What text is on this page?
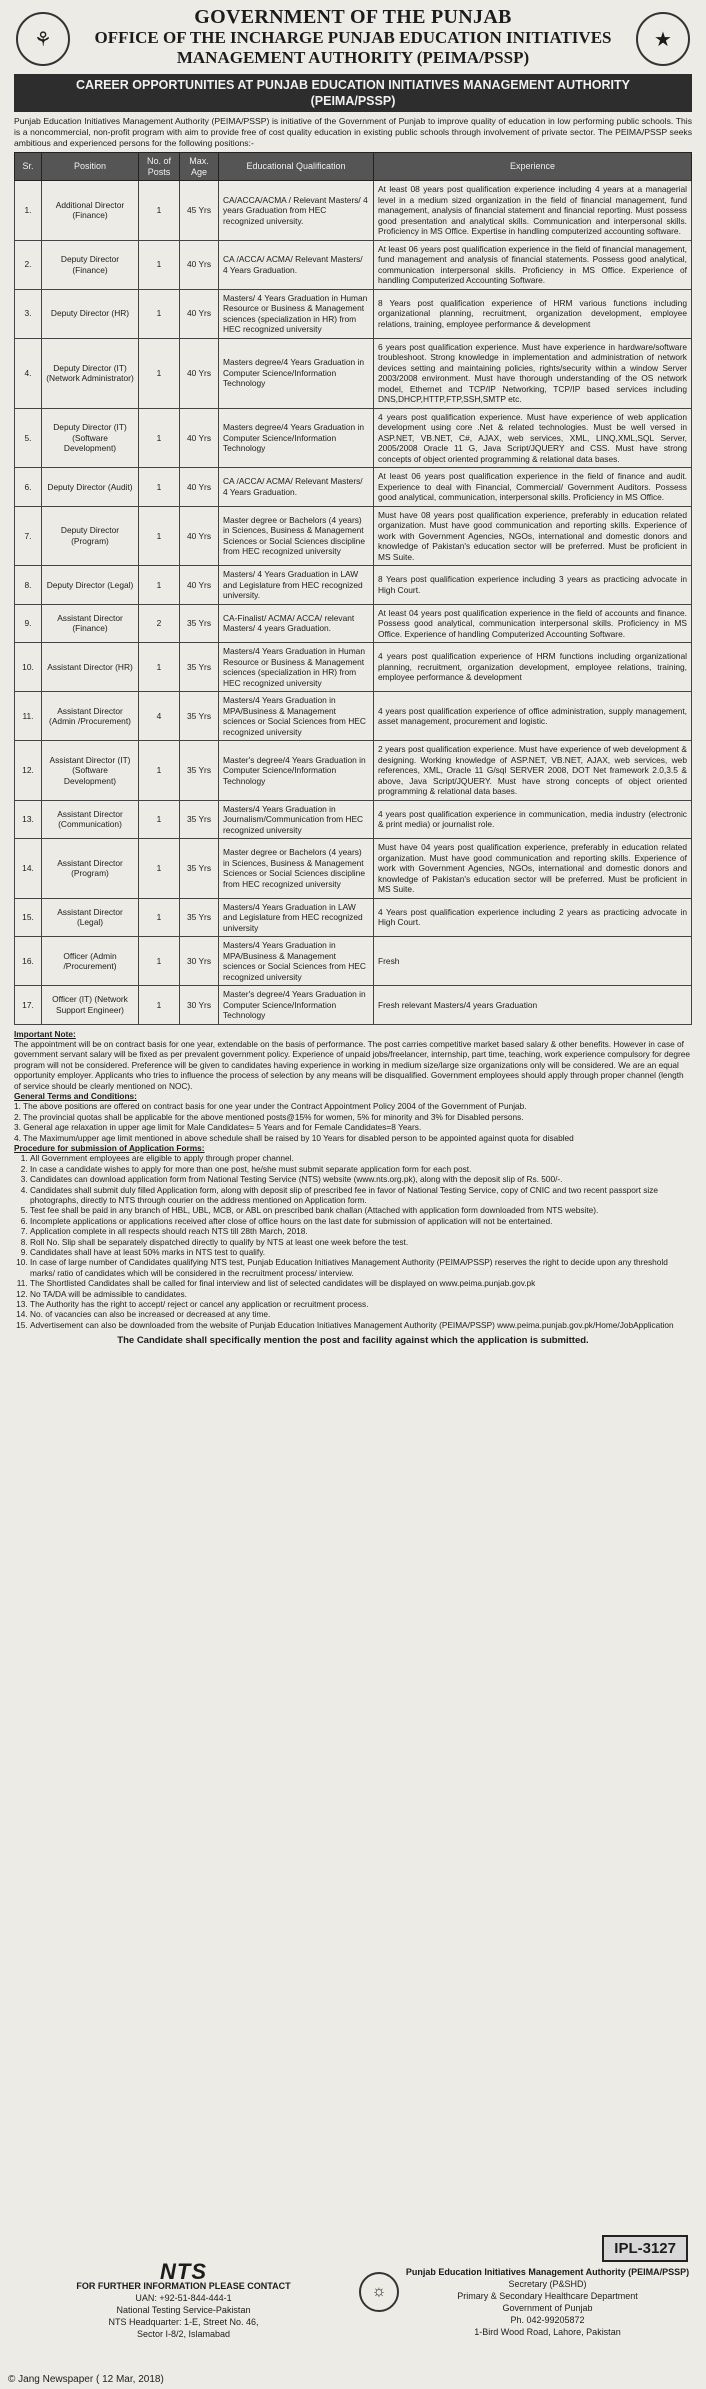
⚘	★
GOVERNMENT OF THE PUNJAB
OFFICE OF THE INCHARGE PUNJAB EDUCATION INITIATIVES
MANAGEMENT AUTHORITY (PEIMA/PSSP)
CAREER OPPORTUNITIES AT PUNJAB EDUCATION INITIATIVES MANAGEMENT AUTHORITY
(PEIMA/PSSP)
Punjab Education Initiatives Management Authority (PEIMA/PSSP) is initiative of the Government of Punjab to improve quality of education in low performing public schools. This is a noncommercial, non-profit program with aim to provide free of cost quality education in existing public schools through involvement of private sector. The PEIMA/PSSP seeks ambitious and experienced persons for the following positions:-
Sr.	Position	No. of Posts	Max. Age	Educational Qualification	Experience
1.	Additional Director (Finance)	1	45 Yrs	CA/ACCA/ACMA / Relevant Masters/ 4 years Graduation from HEC recognized university.	At least 08 years post qualification experience including 4 years at a managerial level in a medium sized organization in the field of financial management, fund management, analysis of financial statement and financial reporting. Must possess good presentation and analytical skills. Communication and interpersonal skills. Proficiency in MS Office. Expertise in handling computerized accounting software.
2.	Deputy Director (Finance)	1	40 Yrs	CA /ACCA/ ACMA/ Relevant Masters/ 4 Years Graduation.	At least 06 years post qualification experience in the field of financial management, fund management and analysis of financial statements. Possess good analytical, communication interpersonal skills. Proficiency in MS Office. Experience of handling Computerized Accounting Software.
3.	Deputy Director (HR)	1	40 Yrs	Masters/ 4 Years Graduation in Human Resource or Business & Management sciences (specialization in HR) from HEC recognized university	8 Years post qualification experience of HRM various functions including organizational planning, recruitment, organization development, employee relations, training, employee performance & development
4.	Deputy Director (IT) (Network Administrator)	1	40 Yrs	Masters degree/4 Years Graduation in Computer Science/Information Technology	6 years post qualification experience. Must have experience in hardware/software troubleshoot. Strong knowledge in implementation and administration of network devices setting and maintaining policies, rights/security within a window Server 2003/2008 environment. Must have thorough understanding of the OS network model, Ethernet and TCP/IP Networking, TCP/IP based services including DNS,DHCP,HTTP,FTP,SSH,SMTP etc.
5.	Deputy Director (IT) (Software Development)	1	40 Yrs	Masters degree/4 Years Graduation in Computer Science/Information Technology	4 years post qualification experience. Must have experience of web application development using core .Net & related technologies. Must be well versed in ASP.NET, VB.NET, C#, AJAX, web services, XML, LINQ,XML,SQL Server, 2005/2008 Oracle 11 G, Java Script/JQUERY and CSS. Must have strong concepts of object oriented programming & relational data bases.
6.	Deputy Director (Audit)	1	40 Yrs	CA /ACCA/ ACMA/ Relevant Masters/ 4 Years Graduation.	At least 06 years post qualification experience in the field of finance and audit. Experience to deal with Financial, Commercial/ Government Auditors. Possess good analytical, communication, interpersonal skills. Proficiency in MS Office.
7.	Deputy Director (Program)	1	40 Yrs	Master degree or Bachelors (4 years) in Sciences, Business & Management Sciences or Social Sciences discipline from HEC recognized university	Must have 08 years post qualification experience, preferably in education related organization. Must have good communication and reporting skills. Experience of work with Government Agencies, NGOs, international and domestic donors and knowledge of Pakistan's education sector will be preferred. Must be proficient in MS Suite.
8.	Deputy Director (Legal)	1	40 Yrs	Masters/ 4 Years Graduation in LAW and Legislature from HEC recognized university.	8 Years post qualification experience including 3 years as practicing advocate in High Court.
9.	Assistant Director (Finance)	2	35 Yrs	CA-Finalist/ ACMA/ ACCA/ relevant Masters/ 4 years Graduation.	At least 04 years post qualification experience in the field of accounts and finance. Possess good analytical, communication interpersonal skills. Proficiency in MS Office. Experience of handling Computerized Accounting Software.
10.	Assistant Director (HR)	1	35 Yrs	Masters/4 Years Graduation in Human Resource or Business & Management sciences (specialization in HR) from HEC recognized university	4 years post qualification experience of HRM functions including organizational planning, recruitment, organization development, employee relations, training, employee performance & development
11.	Assistant Director (Admin /Procurement)	4	35 Yrs	Masters/4 Years Graduation in MPA/Business & Management sciences or Social Sciences from HEC recognized university	4 years post qualification experience of office administration, supply management, asset management, procurement and logistic.
12.	Assistant Director (IT) (Software Development)	1	35 Yrs	Master's degree/4 Years Graduation in Computer Science/Information Technology	2 years post qualification experience. Must have experience of web development & designing. Working knowledge of ASP.NET, VB.NET, AJAX, web services, web references, XML, Oracle 11 G/sql SERVER 2008, DOT Net framework 2.0,3.5 & above, Java Script/JQUERY. Must have strong concepts of object oriented programming & relational data bases.
13.	Assistant Director (Communication)	1	35 Yrs	Masters/4 Years Graduation in Journalism/Communication from HEC recognized university	4 years post qualification experience in communication, media industry (electronic & print media) or journalist role.
14.	Assistant Director (Program)	1	35 Yrs	Master degree or Bachelors (4 years) in Sciences, Business & Management Sciences or Social Sciences discipline from HEC recognized university	Must have 04 years post qualification experience, preferably in education related organization. Must have good communication and reporting skills. Experience of work with Government Agencies, NGOs, international and domestic donors and knowledge of Pakistan's education sector will be preferred. Must be proficient in MS Suite.
15.	Assistant Director (Legal)	1	35 Yrs	Masters/4 Years Graduation in LAW and Legislature from HEC recognized university	4 Years post qualification experience including 2 years as practicing advocate in High Court.
16.	Officer (Admin /Procurement)	1	30 Yrs	Masters/4 Years Graduation in MPA/Business & Management sciences or Social Sciences from HEC recognized university	Fresh
17.	Officer (IT) (Network Support Engineer)	1	30 Yrs	Master's degree/4 Years Graduation in Computer Science/Information Technology	Fresh relevant Masters/4 years Graduation

Important Note:

The appointment will be on contract basis for one year, extendable on the basis of performance. The post carries competitive market based salary & other benefits. However in case of government servant salary will be fixed as per prevalent government policy. Experience of unpaid jobs/freelancer, internship, part time, teaching, work experience compulsory for degree program will not be considered. Preference will be given to candidates having experience in working in medium size/large size organizations only will be considered. We are an equal opportunity employer. Applicants who tries to influence the process of selection by any means will be disqualified. Government employees should apply through proper channel (length of service should be clearly mentioned on NOC).

General Terms and Conditions:

1. The above positions are offered on contract basis for one year under the Contract Appointment Policy 2004 of the Government of Punjab.

2. The provincial quotas shall be applicable for the above mentioned posts@15% for women, 5% for minority and 3% for Disabled persons.

3. General age relaxation in upper age limit for Male Candidates= 5 Years and for Female Candidates=8 Years.

4. The Maximum/upper age limit mentioned in above schedule shall be raised by 10 Years for disabled person to be appointed against quota for disabled

Procedure for submission of Application Forms:

1. All Government employees are eligible to apply through proper channel.
2. In case a candidate wishes to apply for more than one post, he/she must submit separate application form for each post.
3. Candidates can download application form from National Testing Service (NTS) website (www.nts.org.pk), along with the deposit slip of Rs. 500/-.
4. Candidates shall submit duly filled Application form, along with deposit slip of prescribed fee in favor of National Testing Service, copy of CNIC and two recent passport size photographs, directly to NTS through courier on the address mentioned on Application form.
5. Test fee shall be paid in any branch of HBL, UBL, MCB, or ABL on prescribed bank challan (Attached with application form downloaded from NTS website).
6. Incomplete applications or applications received after close of office hours on the last date for submission of application will not be entertained.
7. Application complete in all respects should reach NTS till 28th March, 2018.
8. Roll No. Slip shall be separately dispatched directly to qualify by NTS at least one week before the test.
9. Candidates shall have at least 50% marks in NTS test to qualify.
10. In case of large number of Candidates qualifying NTS test, Punjab Education Initiatives Management Authority (PEIMA/PSSP) reserves the right to decide upon any threshold marks/ ratio of candidates which will be considered in the recruitment process/ interview.
11. The Shortlisted Candidates shall be called for final interview and list of selected candidates will be displayed on www.peima.punjab.gov.pk
12. No TA/DA will be admissible to candidates.
13. The Authority has the right to accept/ reject or cancel any application or recruitment process.
14. No. of vacancies can also be increased or decreased at any time.
15. Advertisement can also be downloaded from the website of Punjab Education Initiatives Management Authority (PEIMA/PSSP) www.peima.punjab.gov.pk/Home/JobApplication
The Candidate shall specifically mention the post and facility against which the application is submitted.
IPL-3127
NTS
FOR FURTHER INFORMATION PLEASE CONTACT
UAN: +92-51-844-444-1
National Testing Service-Pakistan
NTS Headquarter: 1-E, Street No. 46,
Sector I-8/2, Islamabad
☼
Punjab Education Initiatives Management Authority (PEIMA/PSSP)
Secretary (P&SHD)
Primary & Secondary Healthcare Department
Government of Punjab
Ph. 042-99205872
1-Bird Wood Road, Lahore, Pakistan
© Jang Newspaper ( 12 Mar, 2018)
